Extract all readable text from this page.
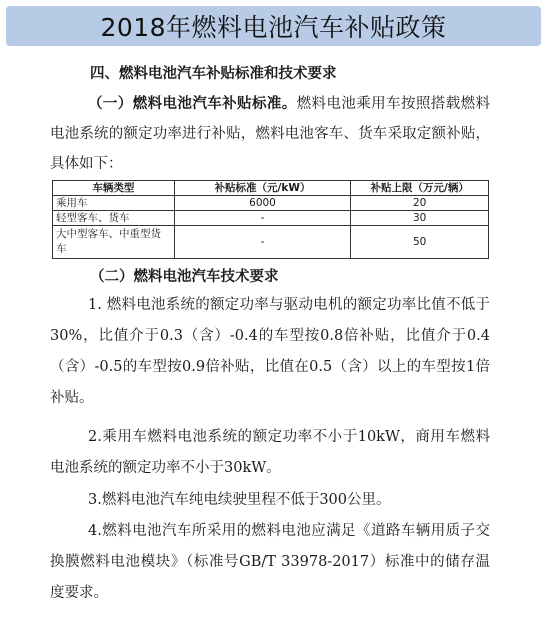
2018年燃料电池汽车补贴政策
四、燃料电池汽车补贴标准和技术要求

（一）燃料电池汽车补贴标准。燃料电池乘用车按照搭载燃料电池系统的额定功率进行补贴，燃料电池客车、货车采取定额补贴，具体如下：

车辆类型	补贴标准（元/kW）	补贴上限（万元/辆）
乘用车	6000	20
轻型客车、货车	-	30
大中型客车、中重型货车	-	50
（二）燃料电池汽车技术要求

1. 燃料电池系统的额定功率与驱动电机的额定功率比值不低于30%，比值介于0.3（含）-0.4的车型按0.8倍补贴，比值介于0.4（含）-0.5的车型按0.9倍补贴，比值在0.5（含）以上的车型按1倍补贴。

2.乘用车燃料电池系统的额定功率不小于10kW，商用车燃料电池系统的额定功率不小于30kW。

3.燃料电池汽车纯电续驶里程不低于300公里。

4.燃料电池汽车所采用的燃料电池应满足《道路车辆用质子交换膜燃料电池模块》（标准号GB/T 33978-2017）标准中的储存温度要求。
